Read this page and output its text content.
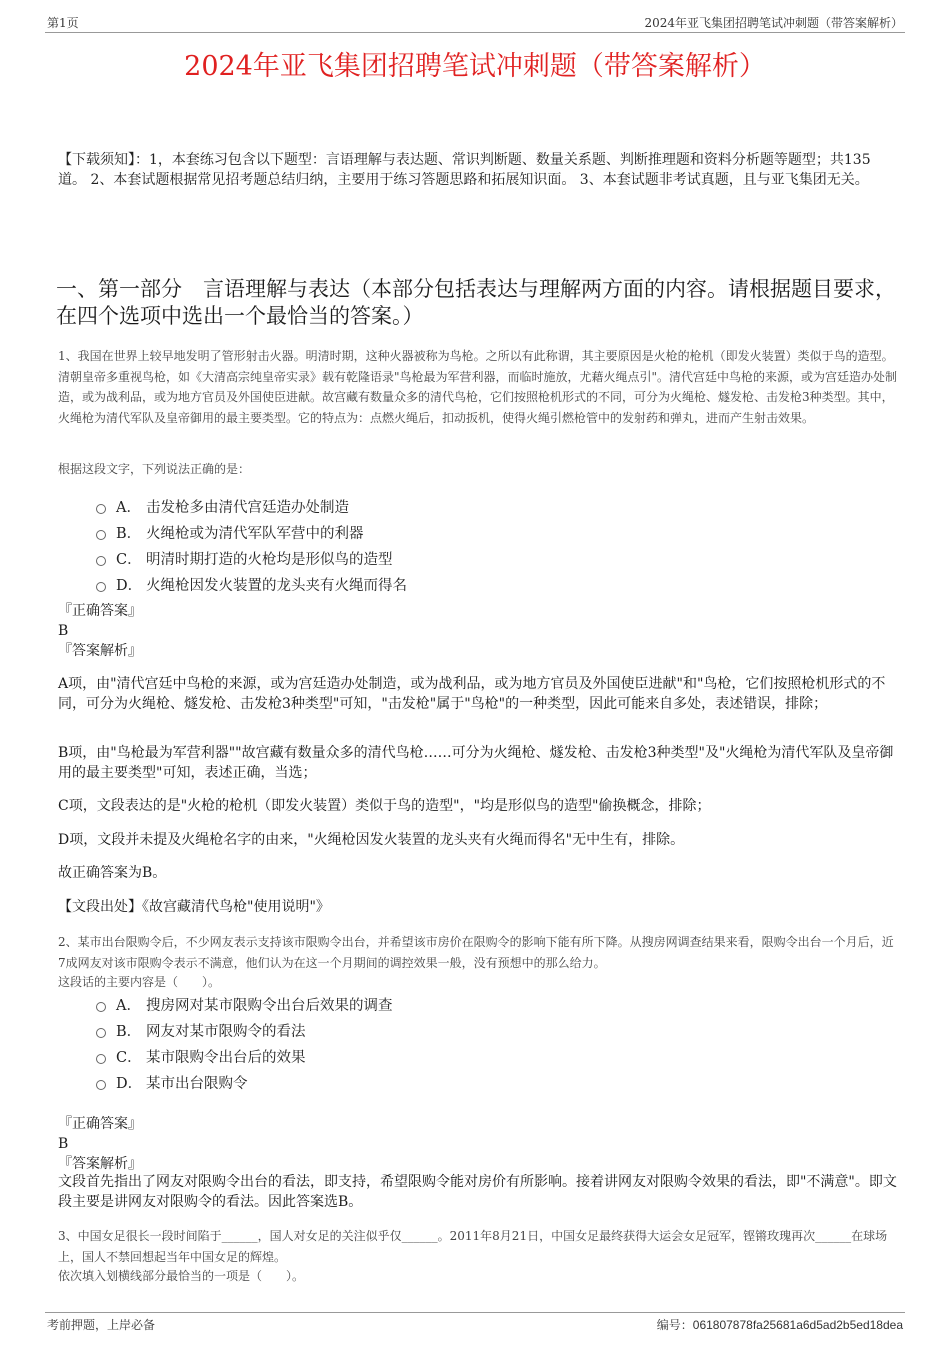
第1页	2024年亚飞集团招聘笔试冲刺题（带答案解析）
2024年亚飞集团招聘笔试冲刺题（带答案解析）
【下载须知】：1，本套练习包含以下题型：言语理解与表达题、常识判断题、数量关系题、判断推理题和资料分析题等题型；共135道。 2、本套试题根据常见招考题总结归纳，主要用于练习答题思路和拓展知识面。 3、本套试题非考试真题，且与亚飞集团无关。
一、第一部分　言语理解与表达（本部分包括表达与理解两方面的内容。请根据题目要求，在四个选项中选出一个最恰当的答案。）
1、我国在世界上较早地发明了管形射击火器。明清时期，这种火器被称为鸟枪。之所以有此称谓，其主要原因是火枪的枪机（即发火装置）类似于鸟的造型。清朝皇帝多重视鸟枪，如《大清高宗纯皇帝实录》载有乾隆语录"鸟枪最为军营利器，而临时施放，尤藉火绳点引"。清代宫廷中鸟枪的来源，或为宫廷造办处制造，或为战利品，或为地方官员及外国使臣进献。故宫藏有数量众多的清代鸟枪，它们按照枪机形式的不同，可分为火绳枪、燧发枪、击发枪3种类型。其中，火绳枪为清代军队及皇帝御用的最主要类型。它的特点为：点燃火绳后，扣动扳机，使得火绳引燃枪管中的发射药和弹丸，进而产生射击效果。
根据这段文字，下列说法正确的是：
A． 击发枪多由清代宫廷造办处制造
B． 火绳枪或为清代军队军营中的利器
C． 明清时期打造的火枪均是形似鸟的造型
D． 火绳枪因发火装置的龙头夹有火绳而得名
『正确答案』
B
『答案解析』
A项，由"清代宫廷中鸟枪的来源，或为宫廷造办处制造，或为战利品，或为地方官员及外国使臣进献"和"鸟枪，它们按照枪机形式的不同，可分为火绳枪、燧发枪、击发枪3种类型"可知，"击发枪"属于"鸟枪"的一种类型，因此可能来自多处，表述错误，排除；
B项，由"鸟枪最为军营利器""故宫藏有数量众多的清代鸟枪……可分为火绳枪、燧发枪、击发枪3种类型"及"火绳枪为清代军队及皇帝御用的最主要类型"可知，表述正确，当选；
C项，文段表达的是"火枪的枪机（即发火装置）类似于鸟的造型"，"均是形似鸟的造型"偷换概念，排除；
D项，文段并未提及火绳枪名字的由来，"火绳枪因发火装置的龙头夹有火绳而得名"无中生有，排除。
故正确答案为B。
【文段出处】《故宫藏清代鸟枪"使用说明"》
2、某市出台限购令后，不少网友表示支持该市限购令出台，并希望该市房价在限购令的影响下能有所下降。从搜房网调查结果来看，限购令出台一个月后，近7成网友对该市限购令表示不满意，他们认为在这一个月期间的调控效果一般，没有预想中的那么给力。
这段话的主要内容是（　　）。
A． 搜房网对某市限购令出台后效果的调查
B． 网友对某市限购令的看法
C． 某市限购令出台后的效果
D． 某市出台限购令
『正确答案』
B
『答案解析』
文段首先指出了网友对限购令出台的看法，即支持，希望限购令能对房价有所影响。接着讲网友对限购令效果的看法，即"不满意"。即文段主要是讲网友对限购令的看法。因此答案选B。
3、中国女足很长一段时间陷于______，国人对女足的关注似乎仅______。2011年8月21日，中国女足最终获得大运会女足冠军，铿锵玫瑰再次______在球场上，国人不禁回想起当年中国女足的辉煌。
依次填入划横线部分最恰当的一项是（　　）。
考前押题，上岸必备	编号：061807878fa25681a6d5ad2b5ed18dea
